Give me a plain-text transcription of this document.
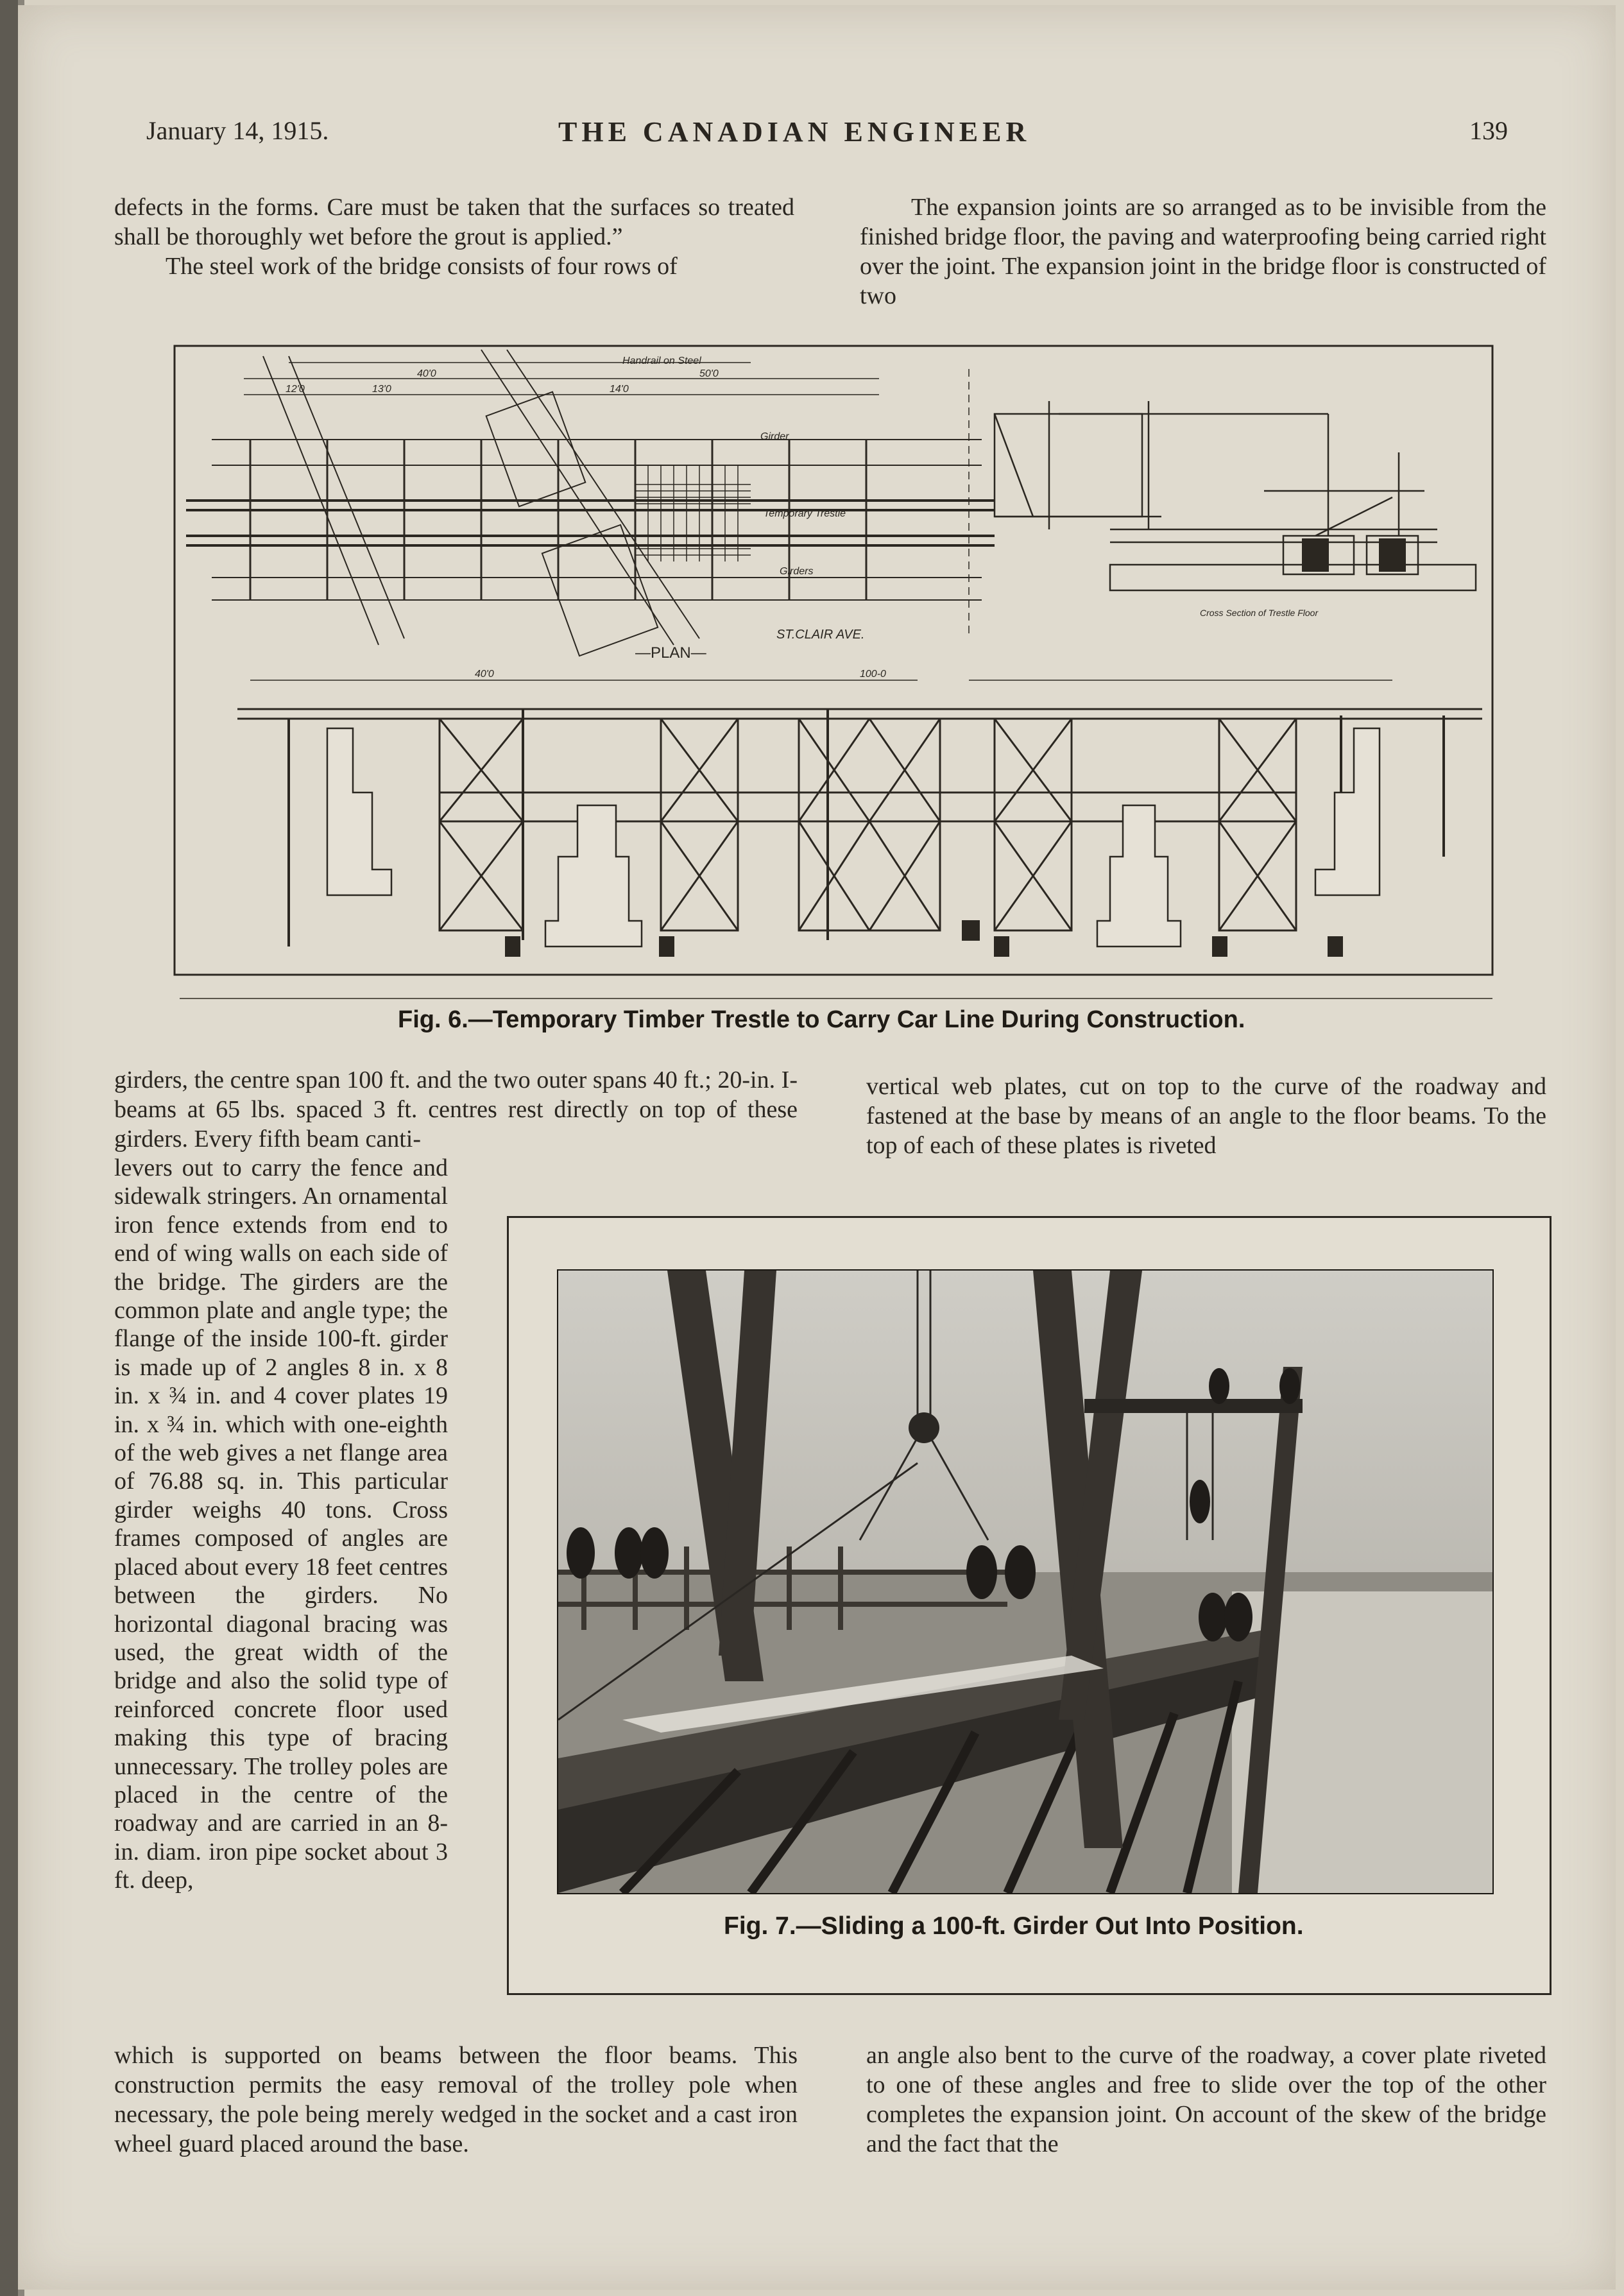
January 14, 1915.	THE CANADIAN ENGINEER	139

defects in the forms. Care must be taken that the surfaces so treated shall be thoroughly wet before the grout is applied.”

The steel work of the bridge consists of four rows of

The expansion joints are so arranged as to be invisible from the finished bridge floor, the paving and waterproofing being carried right over the joint. The expansion joint in the bridge floor is constructed of two

Handrail on Steel
40'0	50'0
12'0	13'0	14'0
Girder
Temporary Trestle
Girders
ST.CLAIR AVE.
—PLAN—
Cross Section of Trestle Floor
40'0	100-0
Fig. 6.—Temporary Timber Trestle to Carry Car Line During Construction.

girders, the centre span 100 ft. and the two outer spans 40 ft.; 20-in. I-beams at 65 lbs. spaced 3 ft. centres rest directly on top of these girders. Every fifth beam canti-

levers out to carry the fence and sidewalk stringers. An ornamental iron fence extends from end to end of wing walls on each side of the bridge. The girders are the common plate and angle type; the flange of the inside 100-ft. girder is made up of 2 angles 8 in. x 8 in. x ¾ in. and 4 cover plates 19 in. x ¾ in. which with one-eighth of the web gives a net flange area of 76.88 sq. in. This particular girder weighs 40 tons. Cross frames composed of angles are placed about every 18 feet centres between the girders. No horizontal diagonal bracing was used, the great width of the bridge and also the solid type of reinforced concrete floor used making this type of bracing unnecessary. The trolley poles are placed in the centre of the roadway and are carried in an 8-in. diam. iron pipe socket about 3 ft. deep,

vertical web plates, cut on top to the curve of the roadway and fastened at the base by means of an angle to the floor beams. To the top of each of these plates is riveted

Fig. 7.—Sliding a 100-ft. Girder Out Into Position.

which is supported on beams between the floor beams. This construction permits the easy removal of the trolley pole when necessary, the pole being merely wedged in the socket and a cast iron wheel guard placed around the base.

an angle also bent to the curve of the roadway, a cover plate riveted to one of these angles and free to slide over the top of the other completes the expansion joint. On account of the skew of the bridge and the fact that the
